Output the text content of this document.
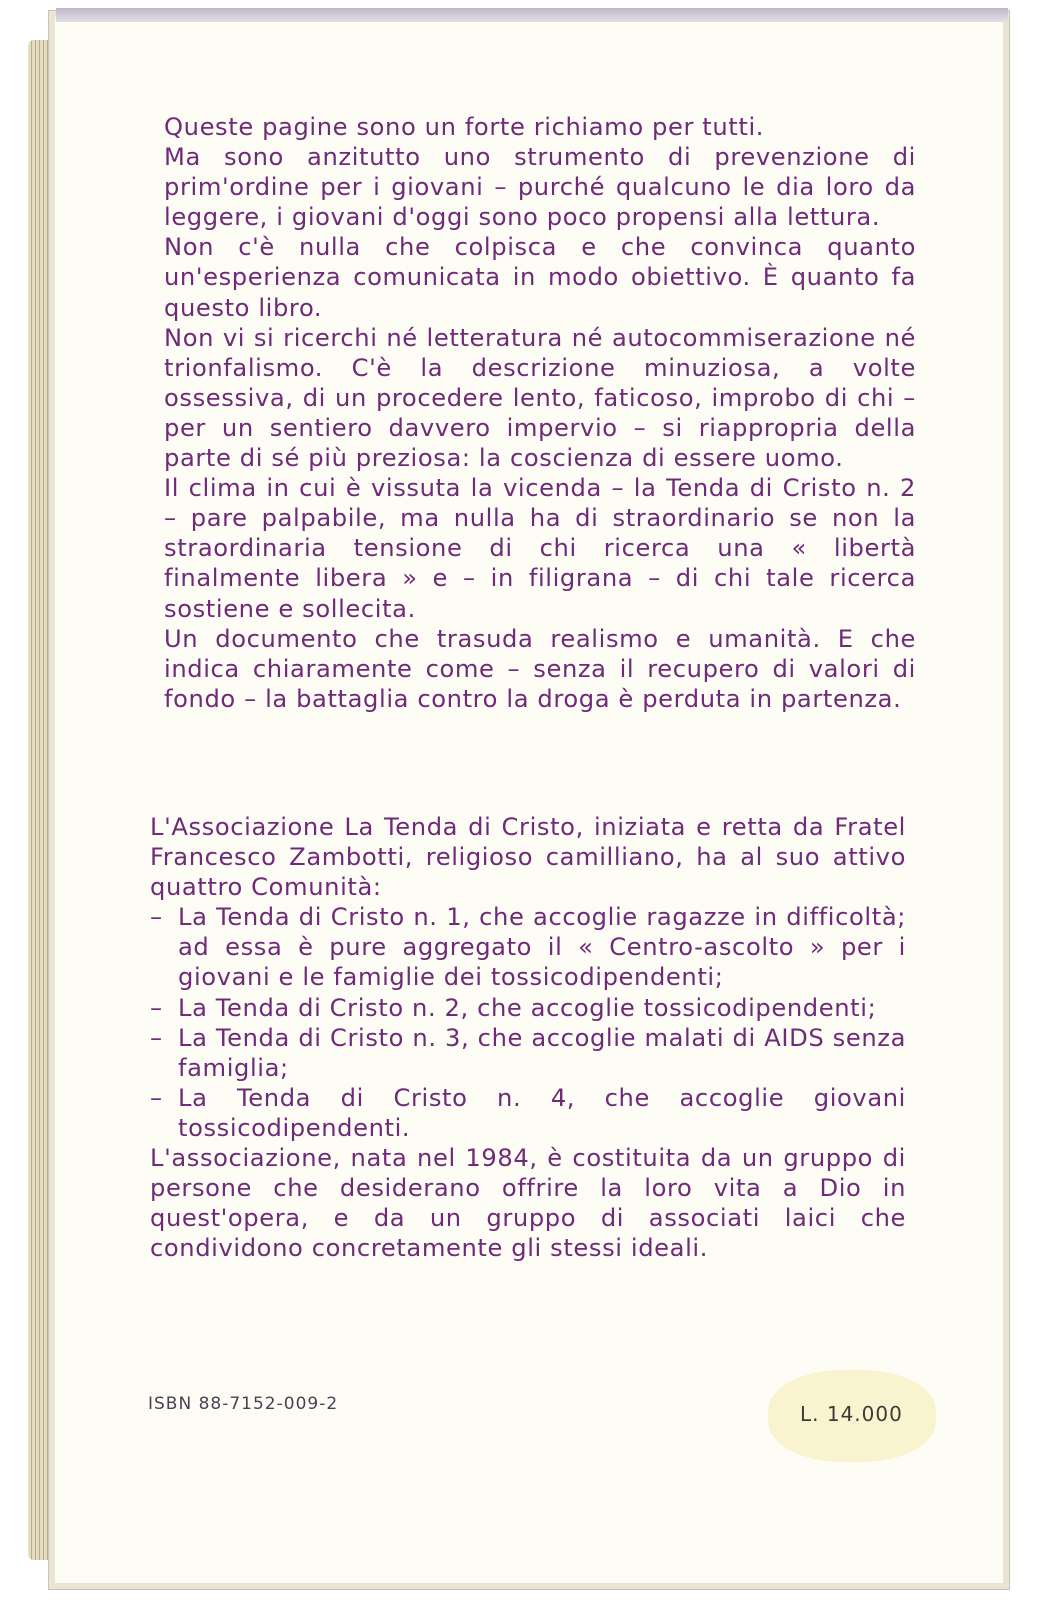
Queste pagine sono un forte richiamo per tutti.

Ma sono anzitutto uno strumento di prevenzione di prim'ordine per i giovani – purché qualcuno le dia loro da leggere, i giovani d'oggi sono poco propensi alla lettura.

Non c'è nulla che colpisca e che convinca quanto un'esperienza comunicata in modo obiettivo. È quanto fa questo libro.

Non vi si ricerchi né letteratura né autocommiserazione né trionfalismo. C'è la descrizione minuziosa, a volte ossessiva, di un procedere lento, faticoso, improbo di chi – per un sentiero davvero impervio – si riappropria della parte di sé più preziosa: la coscienza di essere uomo.

Il clima in cui è vissuta la vicenda – la Tenda di Cristo n. 2 – pare palpabile, ma nulla ha di straordinario se non la straordinaria tensione di chi ricerca una « libertà finalmente libera » e – in filigrana – di chi tale ricerca sostiene e sollecita.

Un documento che trasuda realismo e umanità. E che indica chiaramente come – senza il recupero di valori di fondo – la battaglia contro la droga è perduta in partenza.

L'Associazione La Tenda di Cristo, iniziata e retta da Fratel Francesco Zambotti, religioso camilliano, ha al suo attivo quattro Comunità:

– La Tenda di Cristo n. 1, che accoglie ragazze in difficoltà; ad essa è pure aggregato il « Centro-ascolto » per i giovani e le famiglie dei tossicodipendenti;
– La Tenda di Cristo n. 2, che accoglie tossicodipendenti;
– La Tenda di Cristo n. 3, che accoglie malati di AIDS senza famiglia;
– La Tenda di Cristo n. 4, che accoglie giovani tossicodipendenti.

L'associazione, nata nel 1984, è costituita da un gruppo di persone che desiderano offrire la loro vita a Dio in quest'opera, e da un gruppo di associati laici che condividono concretamente gli stessi ideali.

ISBN 88-7152-009-2	L. 14.000
